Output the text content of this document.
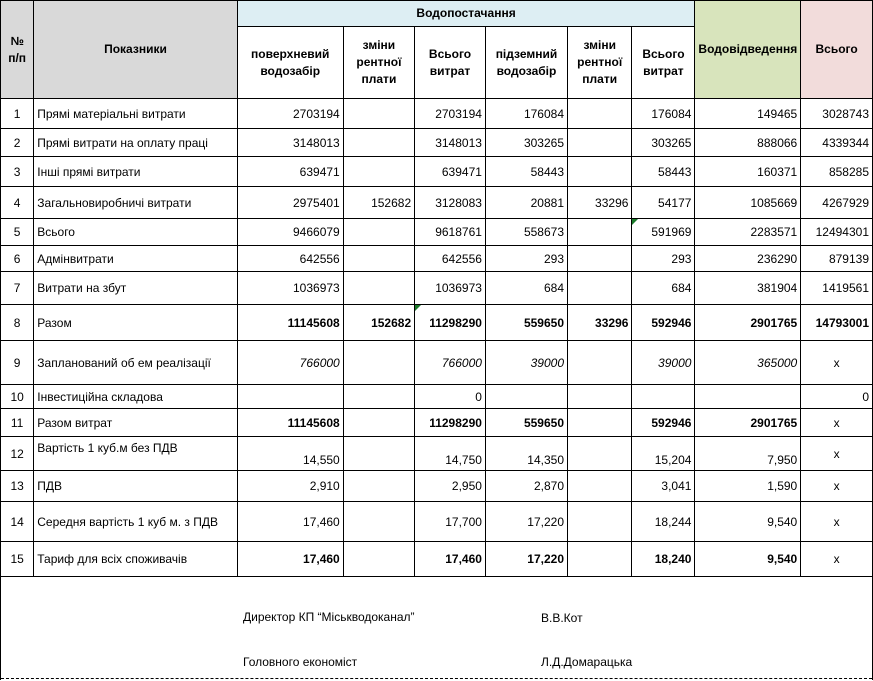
№ п/п	Показники	Водопостачання						Водовідведення	Всього
		поверхневий водозабір	зміни рентної плати	Всього витрат	підземний водозабір	зміни рентної плати	Всього витрат		
1	Прямі матеріальні витрати	2703194		2703194	176084		176084	149465	3028743
2	Прямі витрати на оплату праці	3148013		3148013	303265		303265	888066	4339344
3	Інші прямі витрати	639471		639471	58443		58443	160371	858285
4	Загальновиробничі витрати	2975401	152682	3128083	20881	33296	54177	1085669	4267929
5	Всього	9466079		9618761	558673		591969	2283571	12494301
6	Адмінвитрати	642556		642556	293		293	236290	879139
7	Витрати на збут	1036973		1036973	684		684	381904	1419561
8	Разом	11145608	152682	11298290	559650	33296	592946	2901765	14793001
9	Запланований об ем реалізації	766000		766000	39000		39000	365000	х
10	Інвестиційна складова			0					0
11	Разом витрат	11145608		11298290	559650		592946	2901765	х
12	Вартість 1 куб.м без ПДВ	14,550		14,750	14,350		15,204	7,950	х
13	ПДВ	2,910		2,950	2,870		3,041	1,590	х
14	Середня вартість 1 куб м. з ПДВ	17,460		17,700	17,220		18,244	9,540	х
15	Тариф для всіх споживачів	17,460		17,460	17,220		18,240	9,540	х
Директор КП “Міськводоканал”	В.В.Кот
Головного економіст	Л.Д.Домарацька
